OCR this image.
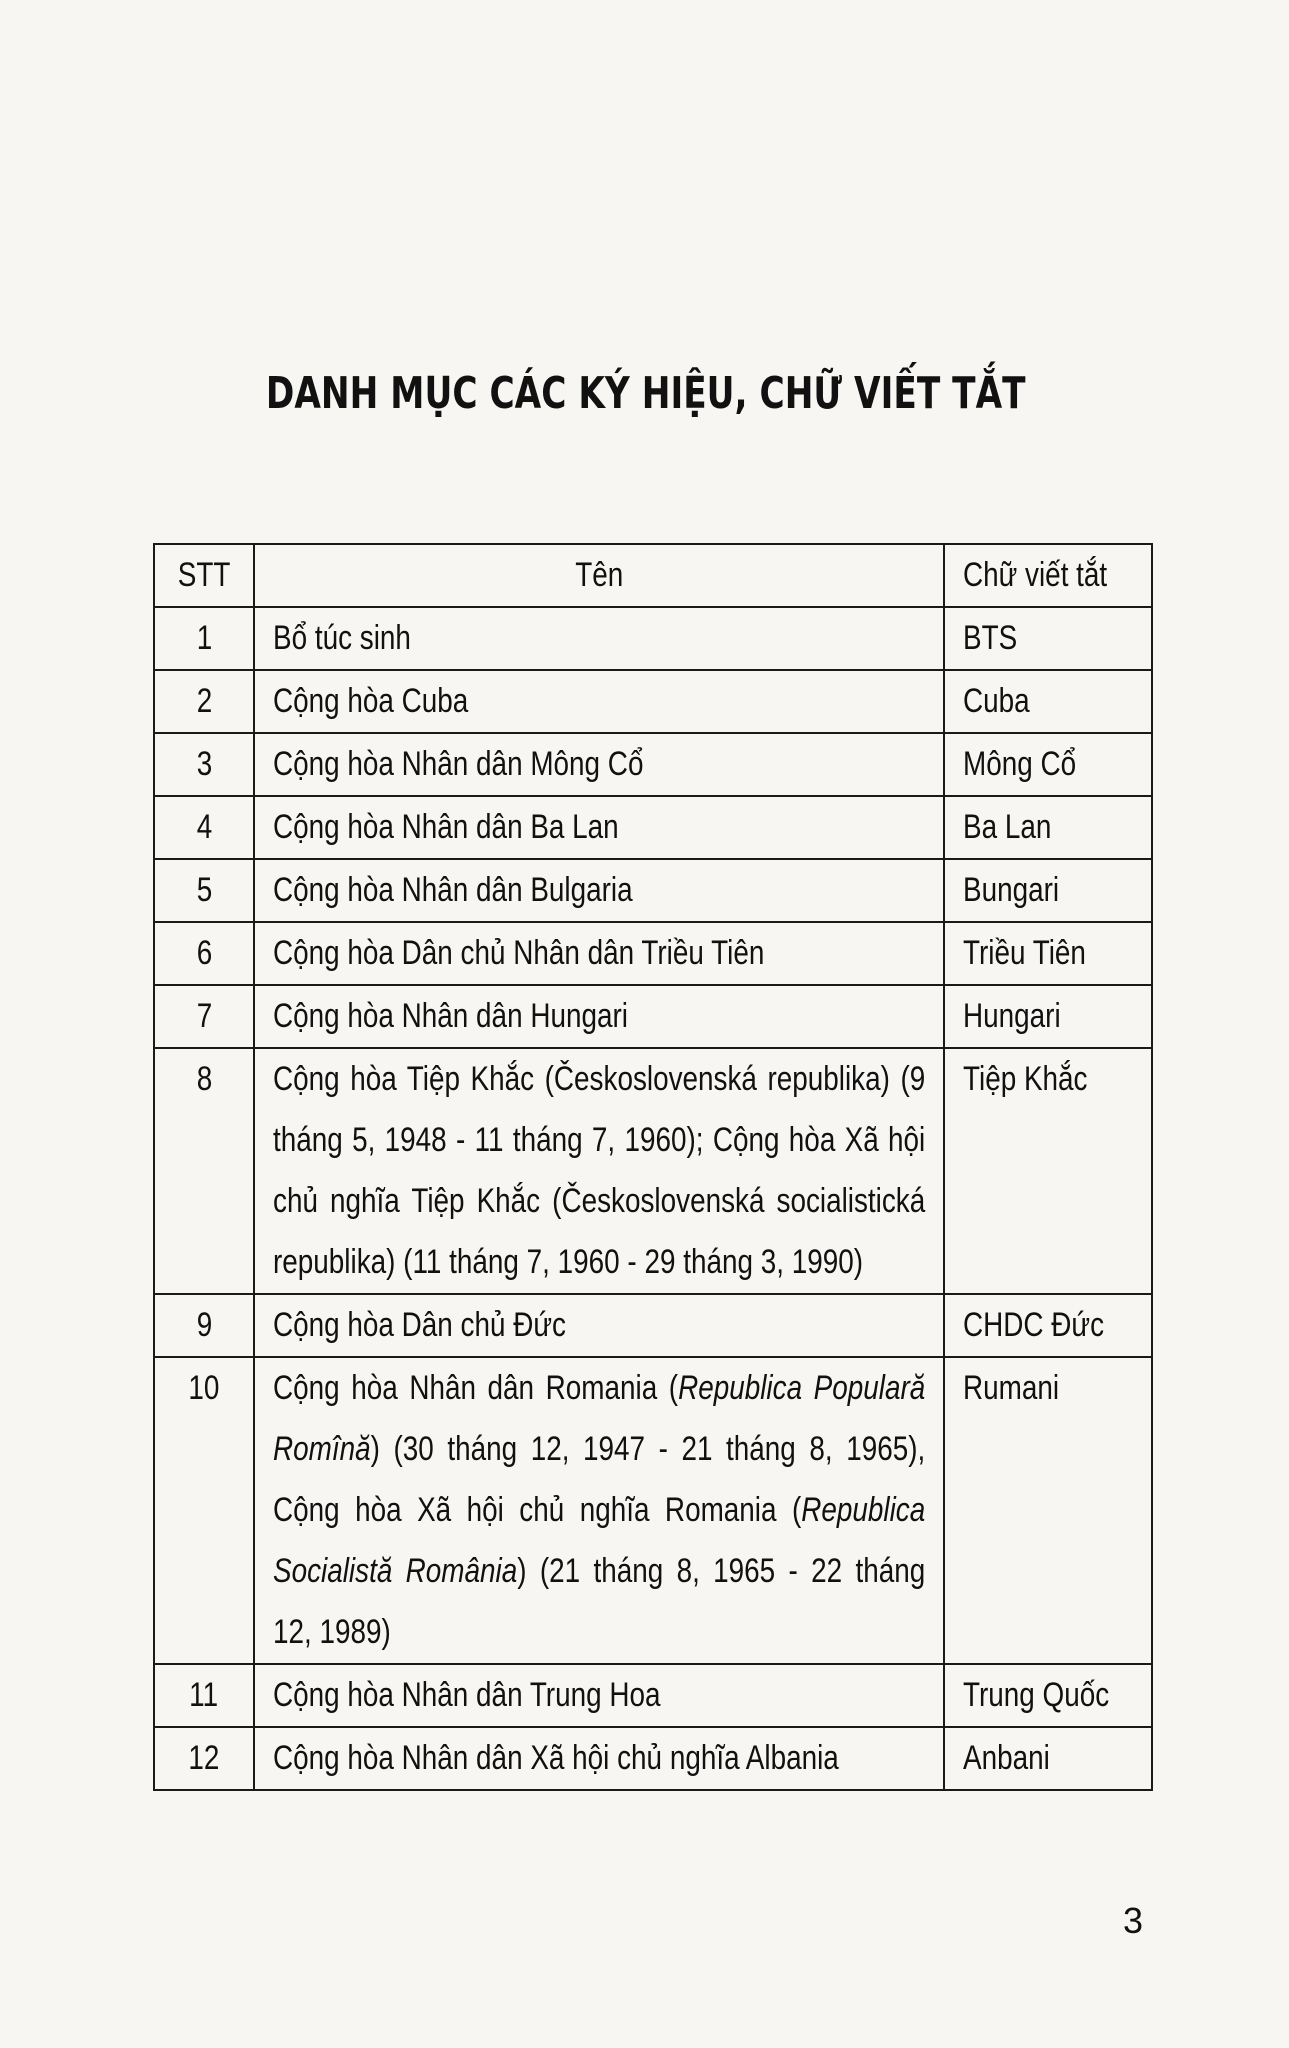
DANH MỤC CÁC KÝ HIỆU, CHỮ VIẾT TẮT
STT	Tên	Chữ viết tắt
1	Bổ túc sinh	BTS
2	Cộng hòa Cuba	Cuba
3	Cộng hòa Nhân dân Mông Cổ	Mông Cổ
4	Cộng hòa Nhân dân Ba Lan	Ba Lan
5	Cộng hòa Nhân dân Bulgaria	Bungari
6	Cộng hòa Dân chủ Nhân dân Triều Tiên	Triều Tiên
7	Cộng hòa Nhân dân Hungari	Hungari
8	Cộng hòa Tiệp Khắc (Československá republika) (9 tháng 5, 1948 - 11 tháng 7, 1960); Cộng hòa Xã hội chủ nghĩa Tiệp Khắc (Československá socialistická republika) (11 tháng 7, 1960 - 29 tháng 3, 1990)	Tiệp Khắc
9	Cộng hòa Dân chủ Đức	CHDC Đức
10	Cộng hòa Nhân dân Romania (Republica Populară Romînă) (30 tháng 12, 1947 - 21 tháng 8, 1965), Cộng hòa Xã hội chủ nghĩa Romania (Republica Socialistă România) (21 tháng 8, 1965 - 22 tháng 12, 1989)	Rumani
11	Cộng hòa Nhân dân Trung Hoa	Trung Quốc
12	Cộng hòa Nhân dân Xã hội chủ nghĩa Albania	Anbani
3
